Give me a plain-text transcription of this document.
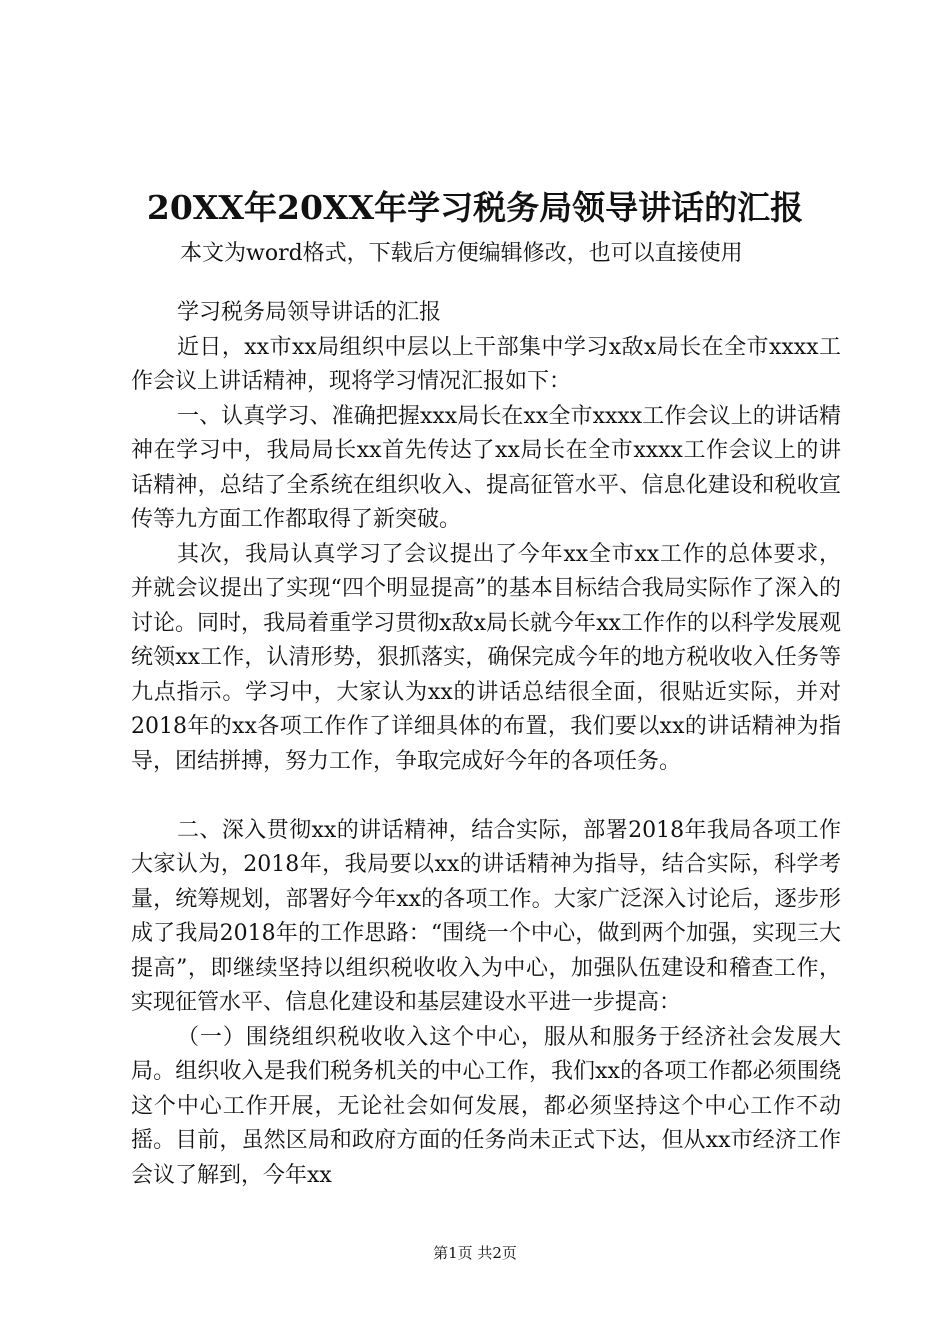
20XX年20XX年学习税务局领导讲话的汇报

本文为word格式，下载后方便编辑修改，也可以直接使用

学习税务局领导讲话的汇报

近日，xx市xx局组织中层以上干部集中学习x敌x局长在全市xxxx工作会议上讲话精神，现将学习情况汇报如下：

一、认真学习、准确把握xxx局长在xx全市xxxx工作会议上的讲话精神在学习中，我局局长xx首先传达了xx局长在全市xxxx工作会议上的讲话精神，总结了全系统在组织收入、提高征管水平、信息化建设和税收宣传等九方面工作都取得了新突破。

其次，我局认真学习了会议提出了今年xx全市xx工作的总体要求，并就会议提出了实现“四个明显提高”的基本目标结合我局实际作了深入的讨论。同时，我局着重学习贯彻x敌x局长就今年xx工作作的以科学发展观统领xx工作，认清形势，狠抓落实，确保完成今年的地方税收收入任务等九点指示。学习中，大家认为xx的讲话总结很全面，很贴近实际，并对2018年的xx各项工作作了详细具体的布置，我们要以xx的讲话精神为指导，团结拼搏，努力工作，争取完成好今年的各项任务。

二、深入贯彻xx的讲话精神，结合实际，部署2018年我局各项工作大家认为，2018年，我局要以xx的讲话精神为指导，结合实际，科学考量，统筹规划，部署好今年xx的各项工作。大家广泛深入讨论后，逐步形成了我局2018年的工作思路：“围绕一个中心，做到两个加强，实现三大提高”，即继续坚持以组织税收收入为中心，加强队伍建设和稽查工作，实现征管水平、信息化建设和基层建设水平进一步提高：

（一）围绕组织税收收入这个中心，服从和服务于经济社会发展大局。组织收入是我们税务机关的中心工作，我们xx的各项工作都必须围绕这个中心工作开展，无论社会如何发展，都必须坚持这个中心工作不动摇。目前，虽然区局和政府方面的任务尚未正式下达，但从xx市经济工作会议了解到，今年xx

第1页 共2页
